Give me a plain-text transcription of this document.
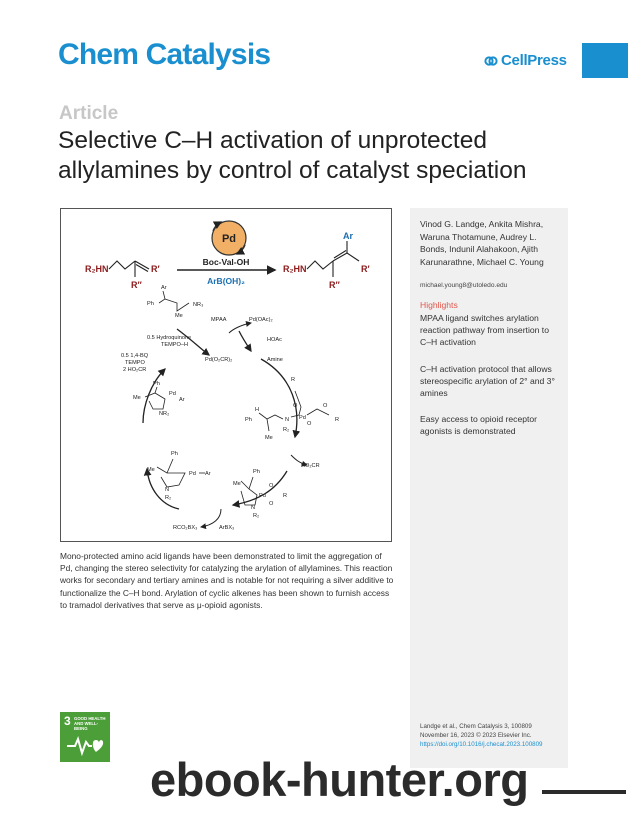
Chem Catalysis	CellPress
Article
Selective C–H activation of unprotected allylamines by control of catalyst speciation
Pd
R₂HN	R′
R″
Boc-Val-OH
ArB(OH)₂
R₂HN
Ar
R′
R″
MPAA	Pd(OAc)₂
HOAc
Pd(O₂CR)₂	Amine
HO₂CR
ArBX₃
RCO₂BX₃
0.5 Hydroquinone
TEMPO–H
0.5 1,4-BQ
TEMPO
2 HO₂CR
Ar
Ph
Me
NR₃
H
Ph
Me
N
R₂
Pd
O
O
R
O
R
Ph
Me
Pd
N
R₂
O
O
R
Ph
Me
Pd Ar
N
R₂
Ph
Me
Pd
Ar
NR₂

Mono-protected amino acid ligands have been demonstrated to limit the aggregation of Pd, changing the stereo selectivity for catalyzing the arylation of allylamines. This reaction works for secondary and tertiary amines and is notable for not requiring a silver additive to functionalize the C–H bond. Arylation of cyclic alkenes has been shown to furnish access to tramadol derivatives that serve as μ-opioid agonists.

Vinod G. Landge, Ankita Mishra, Waruna Thotamune, Audrey L. Bonds, Indunil Alahakoon, Ajith Karunarathne, Michael C. Young

michael.young8@utoledo.edu

Highlights

MPAA ligand switches arylation reaction pathway from insertion to C–H activation

C–H activation protocol that allows stereospecific arylation of 2° and 3° amines

Easy access to opioid receptor agonists is demonstrated

Landge et al., Chem Catalysis 3, 100809
November 16, 2023 © 2023 Elsevier Inc.
https://doi.org/10.1016/j.checat.2023.100809
3 GOOD HEALTH AND WELL-BEING
ebook-hunter.org
